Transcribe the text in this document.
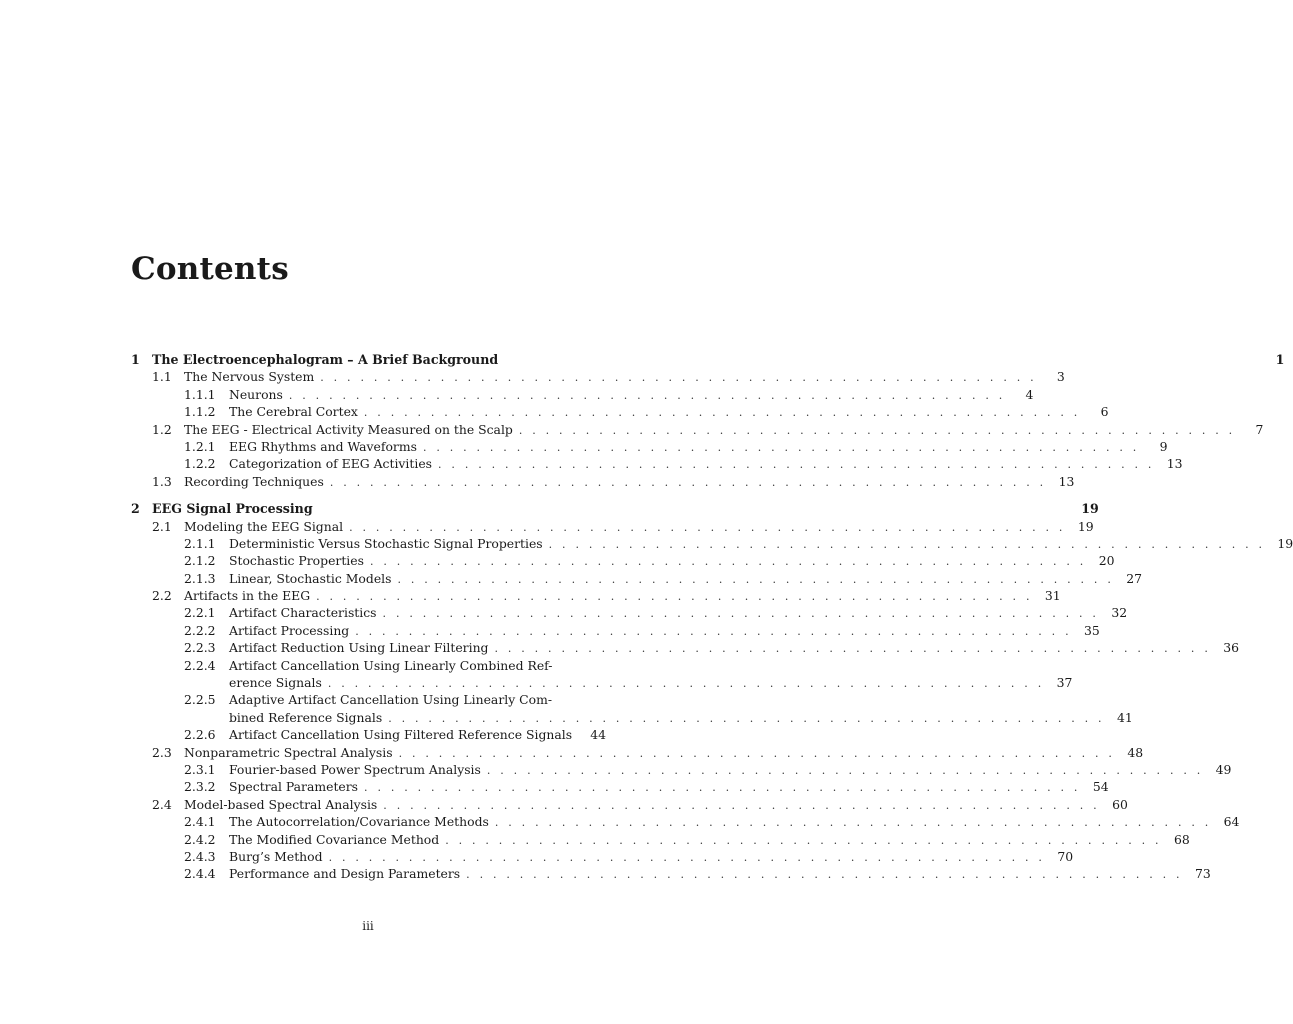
Contents
1 The Electroencephalogram – A Brief Background	1
1.1 The Nervous System . . . . . . . . . . . . . . . . . . . . . . . . . . . . . . . . . . . . . . . . . . . . . . . . . . . . . .	3
1.1.1	Neurons . . . . . . . . . . . . . . . . . . . . . . . . . . . . . . . . . . . . . . . . . . . . . . . . . . . . . .	4
1.1.2	The Cerebral Cortex . . . . . . . . . . . . . . . . . . . . . . . . . . . . . . . . . . . . . . . . . . . . . . . . . . . . . .	6
1.2 The EEG - Electrical Activity Measured on the Scalp . . . . . . . . . . . . . . . . . . . . . . . . . . . . . . . . . . . . . . . . . . . . . . . . . . . . . .	7
1.2.1	EEG Rhythms and Waveforms . . . . . . . . . . . . . . . . . . . . . . . . . . . . . . . . . . . . . . . . . . . . . . . . . . . . . .	9
1.2.2	Categorization of EEG Activities . . . . . . . . . . . . . . . . . . . . . . . . . . . . . . . . . . . . . . . . . . . . . . . . . . . . . . 13
1.3 Recording Techniques . . . . . . . . . . . . . . . . . . . . . . . . . . . . . . . . . . . . . . . . . . . . . . . . . . . . . . 13
2 EEG Signal Processing	19
2.1 Modeling the EEG Signal . . . . . . . . . . . . . . . . . . . . . . . . . . . . . . . . . . . . . . . . . . . . . . . . . . . . . . 19
2.1.1	Deterministic Versus Stochastic Signal Properties . . . . . . . . . . . . . . . . . . . . . . . . . . . . . . . . . . . . . . . . . . . . . . . . . . . . . . 19
2.1.2	Stochastic Properties . . . . . . . . . . . . . . . . . . . . . . . . . . . . . . . . . . . . . . . . . . . . . . . . . . . . . . 20
2.1.3	Linear, Stochastic Models . . . . . . . . . . . . . . . . . . . . . . . . . . . . . . . . . . . . . . . . . . . . . . . . . . . . . . 27
2.2 Artifacts in the EEG . . . . . . . . . . . . . . . . . . . . . . . . . . . . . . . . . . . . . . . . . . . . . . . . . . . . . . 31
2.2.1	Artifact Characteristics . . . . . . . . . . . . . . . . . . . . . . . . . . . . . . . . . . . . . . . . . . . . . . . . . . . . . . 32
2.2.2	Artifact Processing . . . . . . . . . . . . . . . . . . . . . . . . . . . . . . . . . . . . . . . . . . . . . . . . . . . . . . 35
2.2.3	Artifact Reduction Using Linear Filtering . . . . . . . . . . . . . . . . . . . . . . . . . . . . . . . . . . . . . . . . . . . . . . . . . . . . . . 36
2.2.4	Artifact Cancellation Using Linearly Combined Ref-
erence Signals . . . . . . . . . . . . . . . . . . . . . . . . . . . . . . . . . . . . . . . . . . . . . . . . . . . . . . 37
2.2.5	Adaptive Artifact Cancellation Using Linearly Com-
bined Reference Signals . . . . . . . . . . . . . . . . . . . . . . . . . . . . . . . . . . . . . . . . . . . . . . . . . . . . . . 41
2.2.6	Artifact Cancellation Using Filtered Reference Signals	44
2.3 Nonparametric Spectral Analysis . . . . . . . . . . . . . . . . . . . . . . . . . . . . . . . . . . . . . . . . . . . . . . . . . . . . . . 48
2.3.1	Fourier-based Power Spectrum Analysis . . . . . . . . . . . . . . . . . . . . . . . . . . . . . . . . . . . . . . . . . . . . . . . . . . . . . . 49
2.3.2	Spectral Parameters . . . . . . . . . . . . . . . . . . . . . . . . . . . . . . . . . . . . . . . . . . . . . . . . . . . . . . 54
2.4 Model-based Spectral Analysis . . . . . . . . . . . . . . . . . . . . . . . . . . . . . . . . . . . . . . . . . . . . . . . . . . . . . . 60
2.4.1	The Autocorrelation/Covariance Methods . . . . . . . . . . . . . . . . . . . . . . . . . . . . . . . . . . . . . . . . . . . . . . . . . . . . . . 64
2.4.2	The Modified Covariance Method . . . . . . . . . . . . . . . . . . . . . . . . . . . . . . . . . . . . . . . . . . . . . . . . . . . . . . 68
2.4.3	Burg’s Method . . . . . . . . . . . . . . . . . . . . . . . . . . . . . . . . . . . . . . . . . . . . . . . . . . . . . . 70
2.4.4	Performance and Design Parameters . . . . . . . . . . . . . . . . . . . . . . . . . . . . . . . . . . . . . . . . . . . . . . . . . . . . . . 73
iii
